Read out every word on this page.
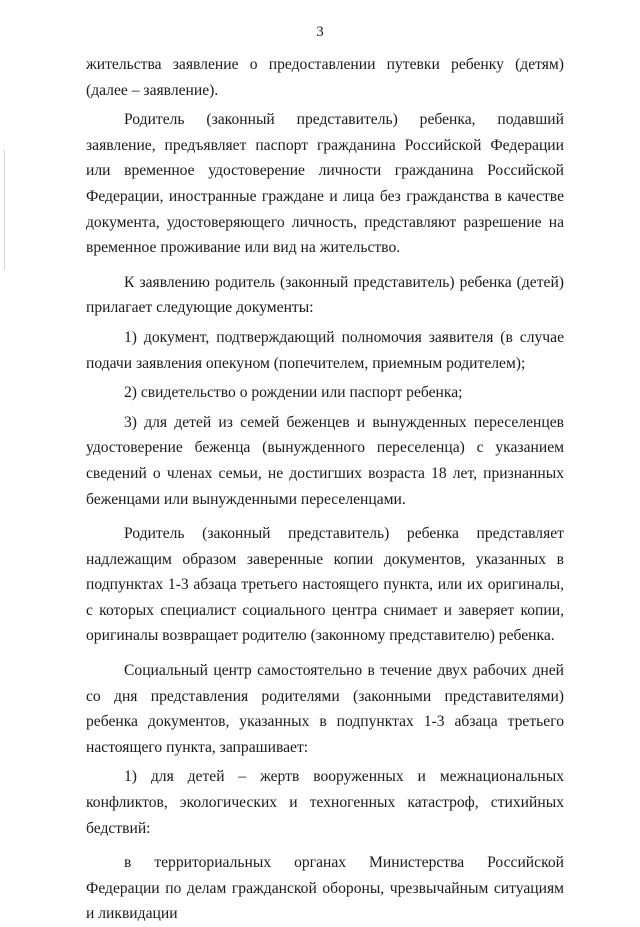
3

жительства заявление о предоставлении путевки ребенку (детям) (далее – заявление).

Родитель (законный представитель) ребенка, подавший заявление, предъявляет паспорт гражданина Российской Федерации или временное удостоверение личности гражданина Российской Федерации, иностранные граждане и лица без гражданства в качестве документа, удостоверяющего личность, представляют разрешение на временное проживание или вид на жительство.

К заявлению родитель (законный представитель) ребенка (детей) прилагает следующие документы:

1) документ, подтверждающий полномочия заявителя (в случае подачи заявления опекуном (попечителем, приемным родителем);

2) свидетельство о рождении или паспорт ребенка;

3) для детей из семей беженцев и вынужденных переселенцев удостоверение беженца (вынужденного переселенца) с указанием сведений о членах семьи, не достигших возраста 18 лет, признанных беженцами или вынужденными переселенцами.

Родитель (законный представитель) ребенка представляет надлежащим образом заверенные копии документов, указанных в подпунктах 1-3 абзаца третьего настоящего пункта, или их оригиналы, с которых специалист социального центра снимает и заверяет копии, оригиналы возвращает родителю (законному представителю) ребенка.

Социальный центр самостоятельно в течение двух рабочих дней со дня представления родителями (законными представителями) ребенка документов, указанных в подпунктах 1-3 абзаца третьего настоящего пункта, запрашивает:

1) для детей – жертв вооруженных и межнациональных конфликтов, экологических и техногенных катастроф, стихийных бедствий:

в территориальных органах Министерства Российской Федерации по делам гражданской обороны, чрезвычайным ситуациям и ликвидации
